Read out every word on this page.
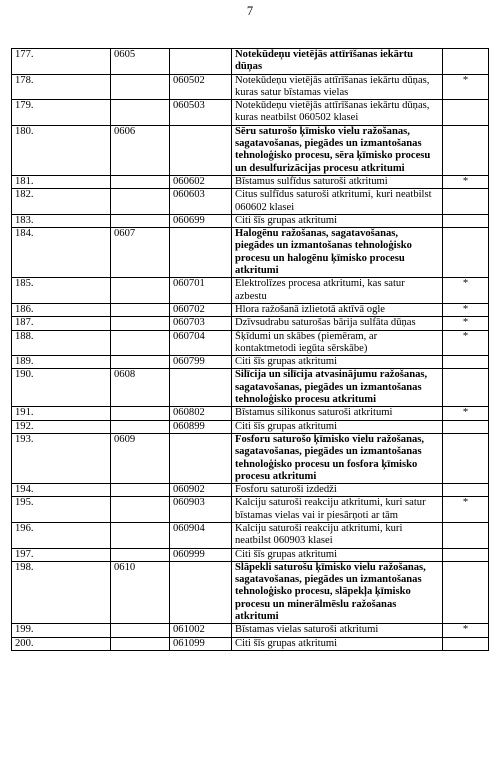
7
177.	0605		Notekūdeņu vietējās attīrīšanas iekārtu dūņas	
178.		060502	Notekūdeņu vietējās attīrīšanas iekārtu dūņas, kuras satur bīstamas vielas	*
179.		060503	Notekūdeņu vietējās attīrīšanas iekārtu dūņas, kuras neatbilst 060502 klasei	
180.	0606		Sēru saturošo ķīmisko vielu ražošanas, sagatavošanas, piegādes un izmantošanas tehnoloģisko procesu, sēra ķīmisko procesu un desulfurizācijas procesu atkritumi	
181.		060602	Bīstamus sulfīdus saturoši atkritumi	*
182.		060603	Citus sulfīdus saturoši atkritumi, kuri neatbilst 060602 klasei	
183.		060699	Citi šīs grupas atkritumi	
184.	0607		Halogēnu ražošanas, sagatavošanas, piegādes un izmantošanas tehnoloģisko procesu un halogēnu ķīmisko procesu atkritumi	
185.		060701	Elektrolīzes procesa atkritumi, kas satur azbestu	*
186.		060702	Hlora ražošanā izlietotā aktīvā ogle	*
187.		060703	Dzīvsudrabu saturošas bārija sulfāta dūņas	*
188.		060704	Šķīdumi un skābes (piemēram, ar kontaktmetodi iegūta sērskābe)	*
189.		060799	Citi šīs grupas atkritumi	
190.	0608		Silīcija un silīcija atvasinājumu ražošanas, sagatavošanas, piegādes un izmantošanas tehnoloģisko procesu atkritumi	
191.		060802	Bīstamus silikonus saturoši atkritumi	*
192.		060899	Citi šīs grupas atkritumi	
193.	0609		Fosforu saturošo ķīmisko vielu ražošanas, sagatavošanas, piegādes un izmantošanas tehnoloģisko procesu un fosfora ķīmisko procesu atkritumi	
194.		060902	Fosforu saturoši izdedži	
195.		060903	Kalciju saturoši reakciju atkritumi, kuri satur bīstamas vielas vai ir piesārņoti ar tām	*
196.		060904	Kalciju saturoši reakciju atkritumi, kuri neatbilst 060903 klasei	
197.		060999	Citi šīs grupas atkritumi	
198.	0610		Slāpekli saturošu ķīmisko vielu ražošanas, sagatavošanas, piegādes un izmantošanas tehnoloģisko procesu, slāpekļa ķīmisko procesu un minerālmēslu ražošanas atkritumi	
199.		061002	Bīstamas vielas saturoši atkritumi	*
200.		061099	Citi šīs grupas atkritumi	
